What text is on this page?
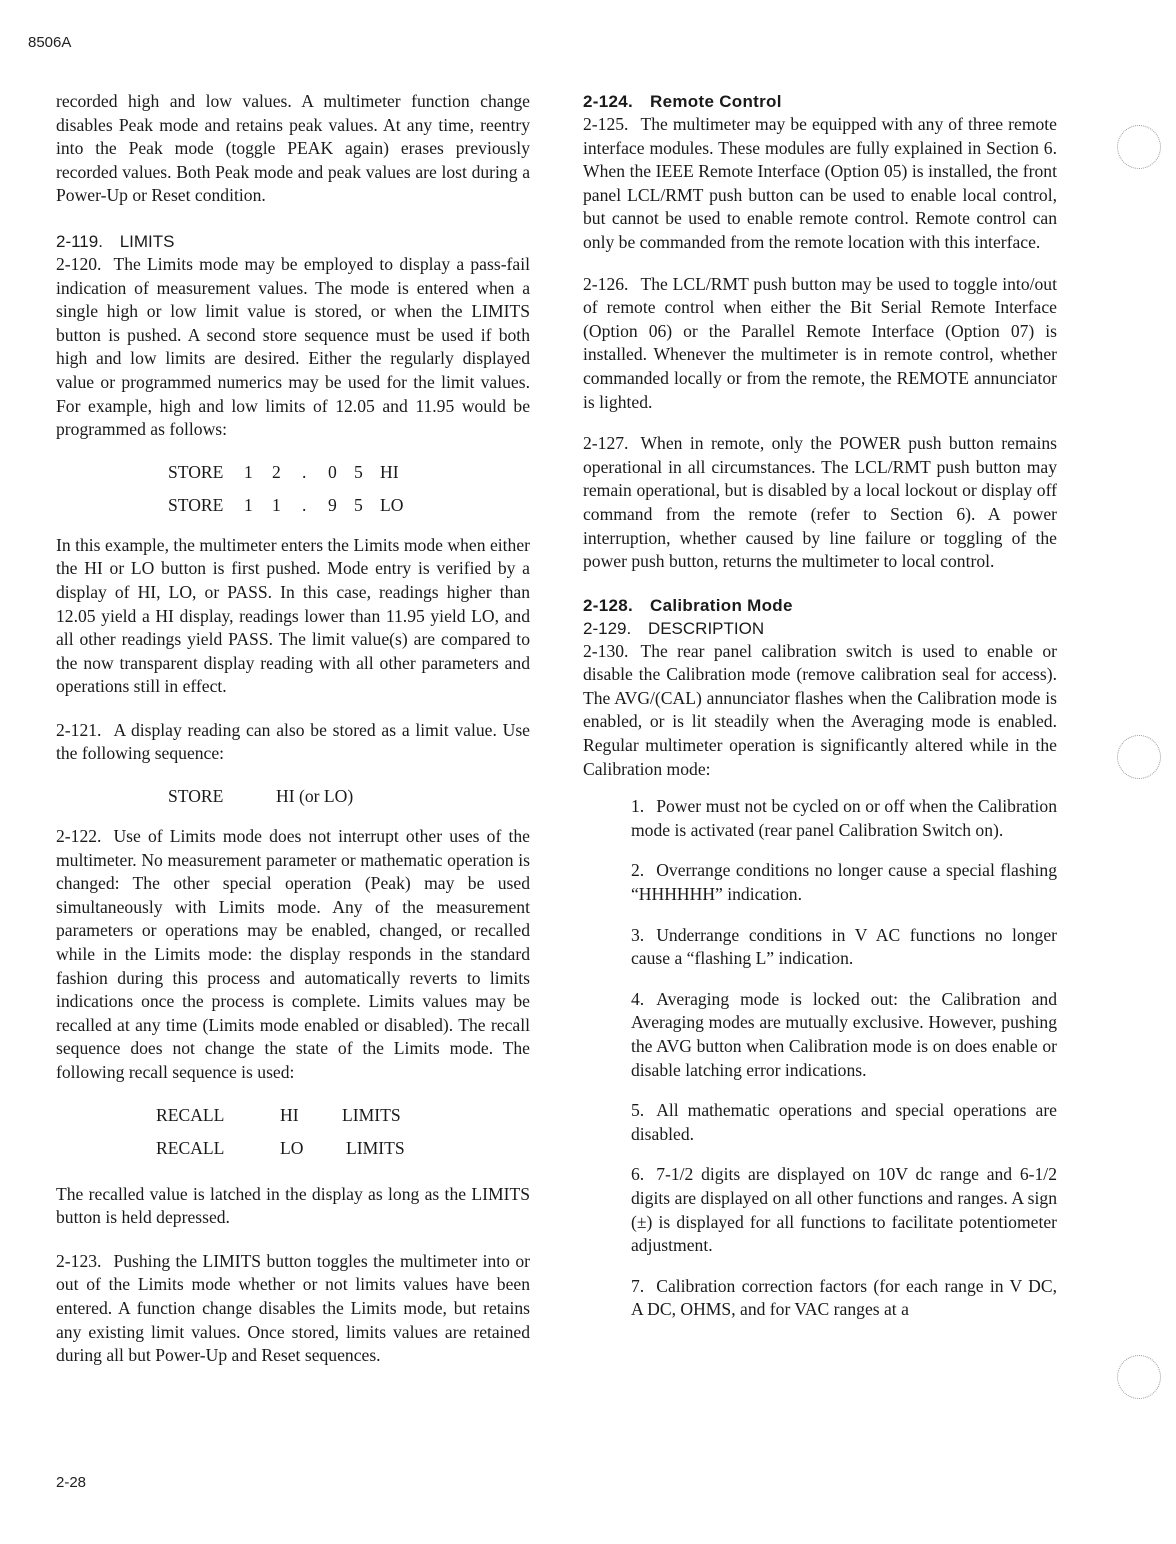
8506A

recorded high and low values. A multimeter function change disables Peak mode and retains peak values. At any time, reentry into the Peak mode (toggle PEAK again) erases previously recorded values. Both Peak mode and peak values are lost during a Power-Up or Reset condition.

2-119. LIMITS

2-120. The Limits mode may be employed to display a pass-fail indication of measurement values. The mode is entered when a single high or low limit value is stored, or when the LIMITS button is pushed. A second store sequence must be used if both high and low limits are desired. Either the regularly displayed value or programmed numerics may be used for the limit values. For example, high and low limits of 12.05 and 11.95 would be programmed as follows:

STORE	1	2	.	0 5 HI
STORE	1	1	.	9 5 LO

In this example, the multimeter enters the Limits mode when either the HI or LO button is first pushed. Mode entry is verified by a display of HI, LO, or PASS. In this case, readings higher than 12.05 yield a HI display, readings lower than 11.95 yield LO, and all other readings yield PASS. The limit value(s) are compared to the now transparent display reading with all other parameters and operations still in effect.

2-121. A display reading can also be stored as a limit value. Use the following sequence:

STORE	HI (or LO)

2-122. Use of Limits mode does not interrupt other uses of the multimeter. No measurement parameter or mathematic operation is changed: The other special operation (Peak) may be used simultaneously with Limits mode. Any of the measurement parameters or operations may be enabled, changed, or recalled while in the Limits mode: the display responds in the standard fashion during this process and automatically reverts to limits indications once the process is complete. Limits values may be recalled at any time (Limits mode enabled or disabled). The recall sequence does not change the state of the Limits mode. The following recall sequence is used:

RECALL	HI	LIMITS
RECALL	LO	LIMITS

The recalled value is latched in the display as long as the LIMITS button is held depressed.

2-123. Pushing the LIMITS button toggles the multimeter into or out of the Limits mode whether or not limits values have been entered. A function change disables the Limits mode, but retains any existing limit values. Once stored, limits values are retained during all but Power-Up and Reset sequences.

2-124. Remote Control

2-125. The multimeter may be equipped with any of three remote interface modules. These modules are fully explained in Section 6. When the IEEE Remote Interface (Option 05) is installed, the front panel LCL/RMT push button can be used to enable local control, but cannot be used to enable remote control. Remote control can only be commanded from the remote location with this interface.

2-126. The LCL/RMT push button may be used to toggle into/out of remote control when either the Bit Serial Remote Interface (Option 06) or the Parallel Remote Interface (Option 07) is installed. Whenever the multimeter is in remote control, whether commanded locally or from the remote, the REMOTE annunciator is lighted.

2-127. When in remote, only the POWER push button remains operational in all circumstances. The LCL/RMT push button may remain operational, but is disabled by a local lockout or display off command from the remote (refer to Section 6). A power interruption, whether caused by line failure or toggling of the power push button, returns the multimeter to local control.

2-128. Calibration Mode
2-129. DESCRIPTION

2-130. The rear panel calibration switch is used to enable or disable the Calibration mode (remove calibration seal for access). The AVG/(CAL) annunciator flashes when the Calibration mode is enabled, or is lit steadily when the Averaging mode is enabled. Regular multimeter operation is significantly altered while in the Calibration mode:

1. Power must not be cycled on or off when the Calibration mode is activated (rear panel Calibration Switch on).

2. Overrange conditions no longer cause a special flashing “HHHHHH” indication.

3. Underrange conditions in V AC functions no longer cause a “flashing L” indication.

4. Averaging mode is locked out: the Calibration and Averaging modes are mutually exclusive. However, pushing the AVG button when Calibration mode is on does enable or disable latching error indications.

5. All mathematic operations and special operations are disabled.

6. 7-1/2 digits are displayed on 10V dc range and 6-1/2 digits are displayed on all other functions and ranges. A sign (±) is displayed for all functions to facilitate potentiometer adjustment.

7. Calibration correction factors (for each range in V DC, A DC, OHMS, and for VAC ranges at a

2-28
